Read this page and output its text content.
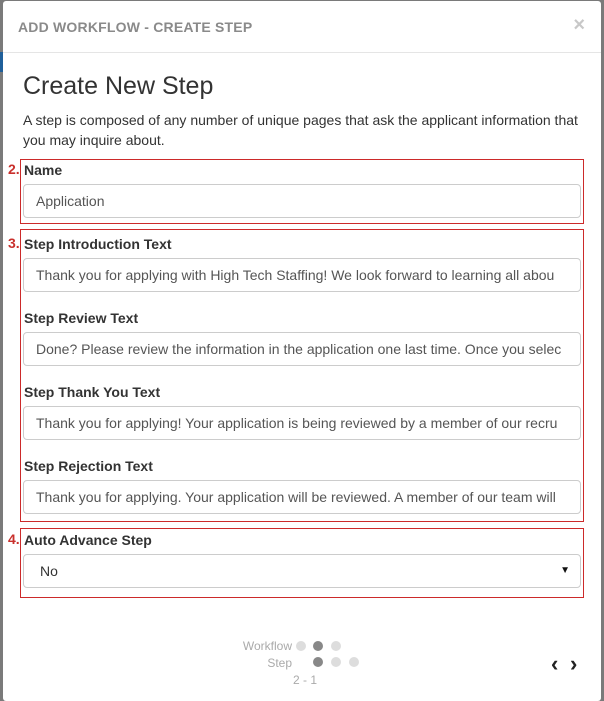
ADD WORKFLOW - CREATE STEP	×
Create New Step

A step is composed of any number of unique pages that ask the applicant information that you may inquire about.

2. Name
Application
3. Step Introduction Text
Thank you for applying with High Tech Staffing! We look forward to learning all abou
Step Review Text
Done? Please review the information in the application one last time. Once you selec
Step Thank You Text
Thank you for applying! Your application is being reviewed by a member of our recru
Step Rejection Text
Thank you for applying. Your application will be reviewed. A member of our team will
4. Auto Advance Step
No	▼
Workflow
Step
2 - 1
‹ ›
